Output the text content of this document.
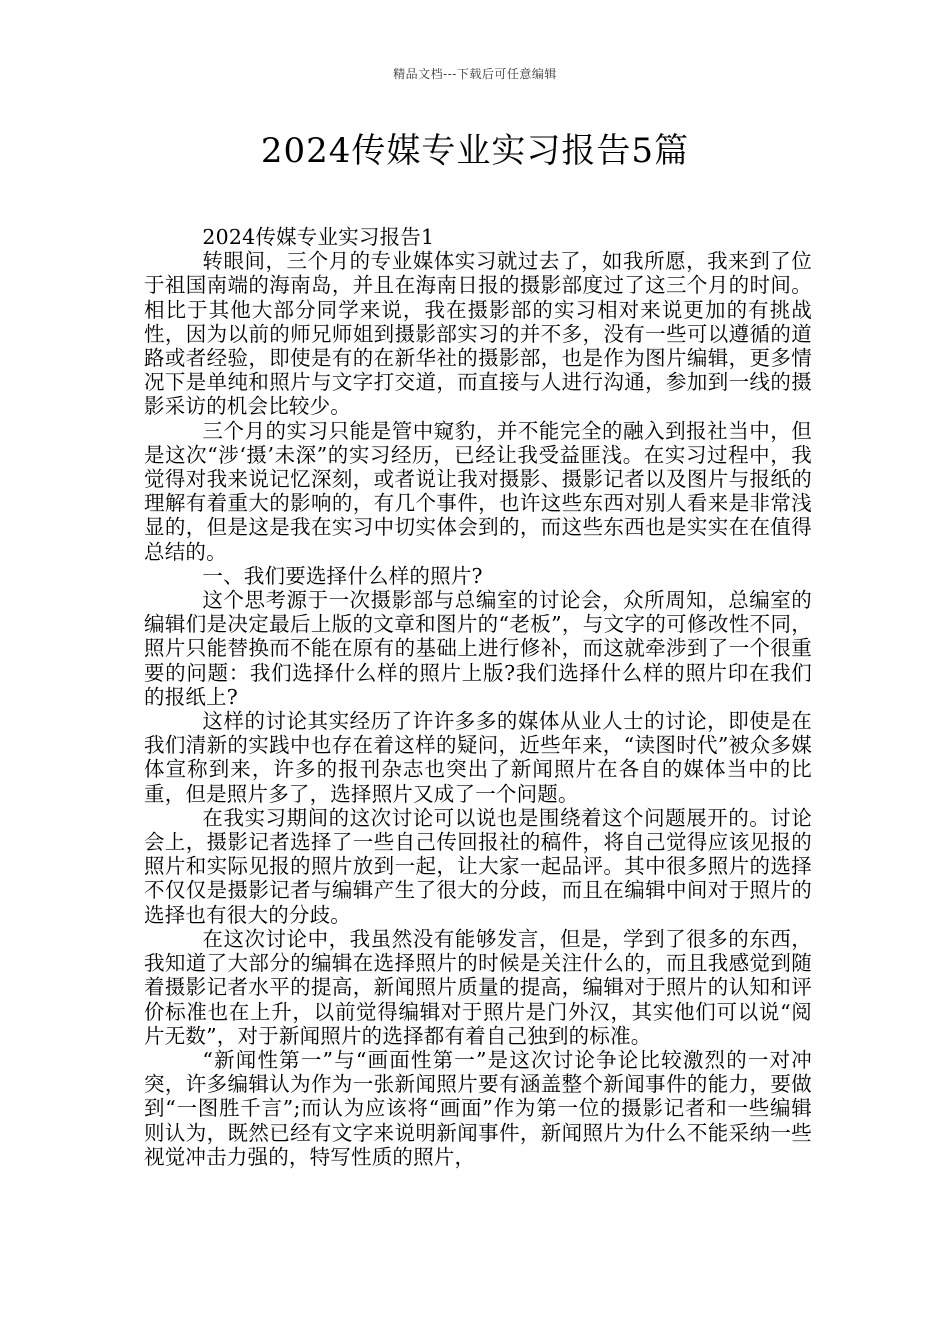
精品文档---下载后可任意编辑
2024传媒专业实习报告5篇

2024传媒专业实习报告1

转眼间，三个月的专业媒体实习就过去了，如我所愿，我来到了位于祖国南端的海南岛，并且在海南日报的摄影部度过了这三个月的时间。相比于其他大部分同学来说，我在摄影部的实习相对来说更加的有挑战性，因为以前的师兄师姐到摄影部实习的并不多，没有一些可以遵循的道路或者经验，即使是有的在新华社的摄影部，也是作为图片编辑，更多情况下是单纯和照片与文字打交道，而直接与人进行沟通，参加到一线的摄影采访的机会比较少。

三个月的实习只能是管中窥豹，并不能完全的融入到报社当中，但是这次“涉‘摄’未深”的实习经历，已经让我受益匪浅。在实习过程中，我觉得对我来说记忆深刻，或者说让我对摄影、摄影记者以及图片与报纸的理解有着重大的影响的，有几个事件，也许这些东西对别人看来是非常浅显的，但是这是我在实习中切实体会到的，而这些东西也是实实在在值得总结的。

一、我们要选择什么样的照片?

这个思考源于一次摄影部与总编室的讨论会，众所周知，总编室的编辑们是决定最后上版的文章和图片的“老板”，与文字的可修改性不同，照片只能替换而不能在原有的基础上进行修补，而这就牵涉到了一个很重要的问题：我们选择什么样的照片上版?我们选择什么样的照片印在我们的报纸上?

这样的讨论其实经历了许许多多的媒体从业人士的讨论，即使是在我们清新的实践中也存在着这样的疑问，近些年来，“读图时代”被众多媒体宣称到来，许多的报刊杂志也突出了新闻照片在各自的媒体当中的比重，但是照片多了，选择照片又成了一个问题。

在我实习期间的这次讨论可以说也是围绕着这个问题展开的。讨论会上，摄影记者选择了一些自己传回报社的稿件，将自己觉得应该见报的照片和实际见报的照片放到一起，让大家一起品评。其中很多照片的选择不仅仅是摄影记者与编辑产生了很大的分歧，而且在编辑中间对于照片的选择也有很大的分歧。

在这次讨论中，我虽然没有能够发言，但是，学到了很多的东西，我知道了大部分的编辑在选择照片的时候是关注什么的，而且我感觉到随着摄影记者水平的提高，新闻照片质量的提高，编辑对于照片的认知和评价标准也在上升，以前觉得编辑对于照片是门外汉，其实他们可以说“阅片无数”，对于新闻照片的选择都有着自己独到的标准。

“新闻性第一”与“画面性第一”是这次讨论争论比较激烈的一对冲突，许多编辑认为作为一张新闻照片要有涵盖整个新闻事件的能力，要做到“一图胜千言”;而认为应该将“画面”作为第一位的摄影记者和一些编辑则认为，既然已经有文字来说明新闻事件，新闻照片为什么不能采纳一些视觉冲击力强的，特写性质的照片，
